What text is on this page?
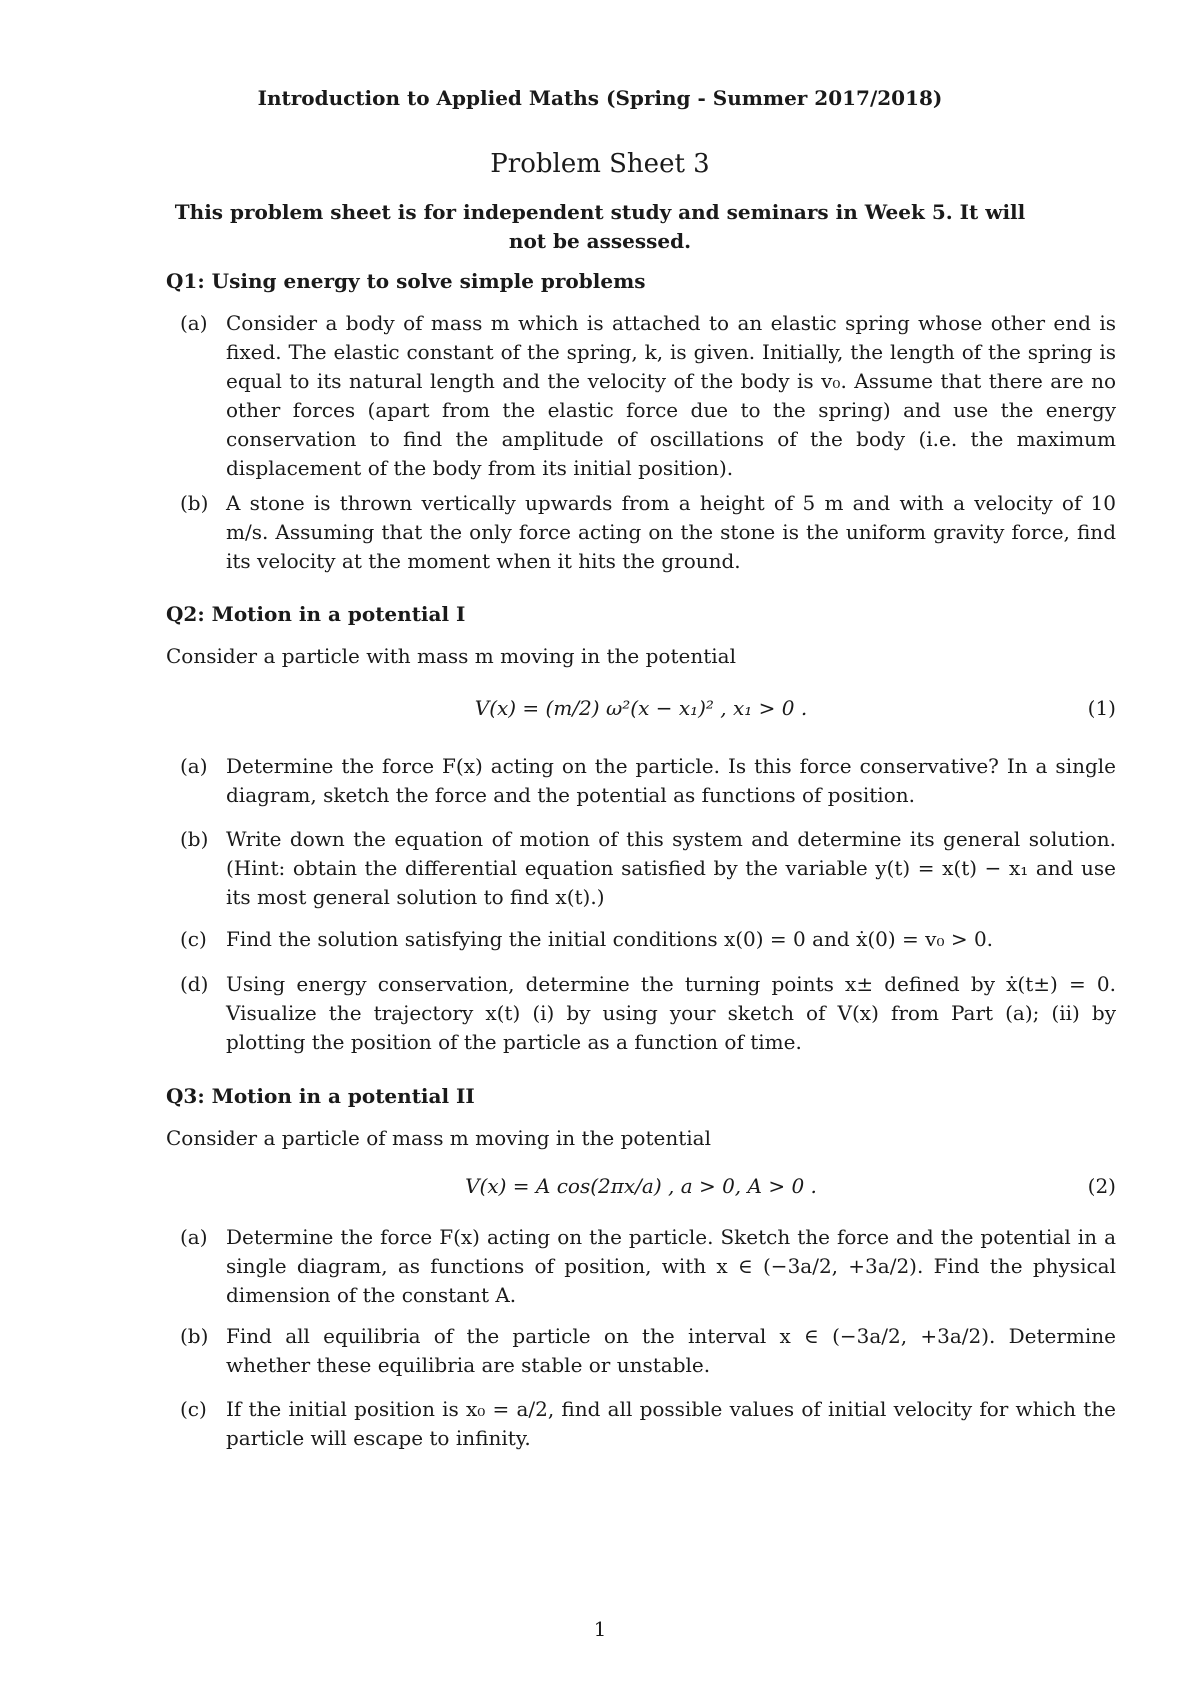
Introduction to Applied Maths (Spring - Summer 2017/2018)
Problem Sheet 3
This problem sheet is for independent study and seminars in Week 5. It will not be assessed.
Q1: Using energy to solve simple problems
(a) Consider a body of mass m which is attached to an elastic spring whose other end is fixed. The elastic constant of the spring, k, is given. Initially, the length of the spring is equal to its natural length and the velocity of the body is v₀. Assume that there are no other forces (apart from the elastic force due to the spring) and use the energy conservation to find the amplitude of oscillations of the body (i.e. the maximum displacement of the body from its initial position).
(b) A stone is thrown vertically upwards from a height of 5 m and with a velocity of 10 m/s. Assuming that the only force acting on the stone is the uniform gravity force, find its velocity at the moment when it hits the ground.
Q2: Motion in a potential I
Consider a particle with mass m moving in the potential
V(x) = (m/2) ω²(x − x₁)² , x₁ > 0 .	(1)
(a) Determine the force F(x) acting on the particle. Is this force conservative? In a single diagram, sketch the force and the potential as functions of position.
(b) Write down the equation of motion of this system and determine its general solution. (Hint: obtain the differential equation satisfied by the variable y(t) = x(t) − x₁ and use its most general solution to find x(t).)
(c) Find the solution satisfying the initial conditions x(0) = 0 and ẋ(0) = v₀ > 0.
(d) Using energy conservation, determine the turning points x± defined by ẋ(t±) = 0. Visualize the trajectory x(t) (i) by using your sketch of V(x) from Part (a); (ii) by plotting the position of the particle as a function of time.
Q3: Motion in a potential II
Consider a particle of mass m moving in the potential
V(x) = A cos(2πx/a) , a > 0, A > 0 .	(2)
(a) Determine the force F(x) acting on the particle. Sketch the force and the potential in a single diagram, as functions of position, with x ∈ (−3a/2, +3a/2). Find the physical dimension of the constant A.
(b) Find all equilibria of the particle on the interval x ∈ (−3a/2, +3a/2). Determine whether these equilibria are stable or unstable.
(c) If the initial position is x₀ = a/2, find all possible values of initial velocity for which the particle will escape to infinity.
1
